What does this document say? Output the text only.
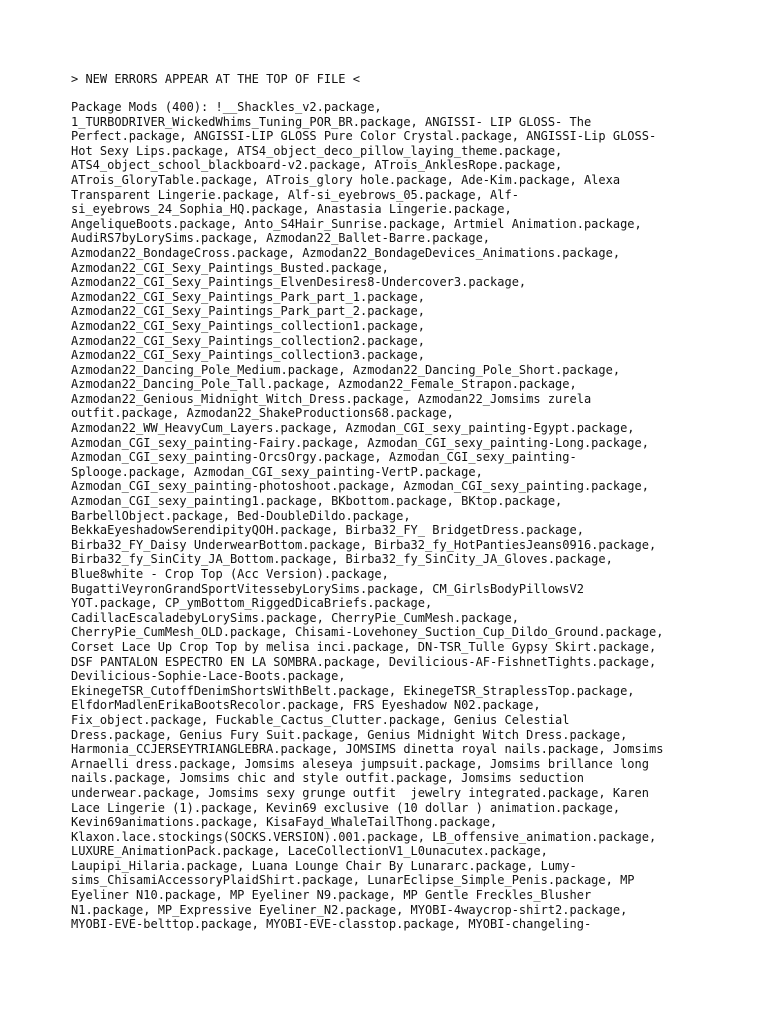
> NEW ERRORS APPEAR AT THE TOP OF FILE <
Package Mods (400): !__Shackles_v2.package,
1_TURBODRIVER_WickedWhims_Tuning_POR_BR.package, ANGISSI- LIP GLOSS- The
Perfect.package, ANGISSI-LIP GLOSS Pure Color Crystal.package, ANGISSI-Lip GLOSS-
Hot Sexy Lips.package, ATS4_object_deco_pillow_laying_theme.package,
ATS4_object_school_blackboard-v2.package, ATrois_AnklesRope.package,
ATrois_GloryTable.package, ATrois_glory hole.package, Ade-Kim.package, Alexa
Transparent Lingerie.package, Alf-si_eyebrows_05.package, Alf-
si_eyebrows_24_Sophia_HQ.package, Anastasia Lingerie.package,
AngeliqueBoots.package, Anto_S4Hair_Sunrise.package, Artmiel Animation.package,
AudiRS7byLorySims.package, Azmodan22_Ballet-Barre.package,
Azmodan22_BondageCross.package, Azmodan22_BondageDevices_Animations.package,
Azmodan22_CGI_Sexy_Paintings_Busted.package,
Azmodan22_CGI_Sexy_Paintings_ElvenDesires8-Undercover3.package,
Azmodan22_CGI_Sexy_Paintings_Park_part_1.package,
Azmodan22_CGI_Sexy_Paintings_Park_part_2.package,
Azmodan22_CGI_Sexy_Paintings_collection1.package,
Azmodan22_CGI_Sexy_Paintings_collection2.package,
Azmodan22_CGI_Sexy_Paintings_collection3.package,
Azmodan22_Dancing_Pole_Medium.package, Azmodan22_Dancing_Pole_Short.package,
Azmodan22_Dancing_Pole_Tall.package, Azmodan22_Female_Strapon.package,
Azmodan22_Genious_Midnight_Witch_Dress.package, Azmodan22_Jomsims zurela
outfit.package, Azmodan22_ShakeProductions68.package,
Azmodan22_WW_HeavyCum_Layers.package, Azmodan_CGI_sexy_painting-Egypt.package,
Azmodan_CGI_sexy_painting-Fairy.package, Azmodan_CGI_sexy_painting-Long.package,
Azmodan_CGI_sexy_painting-OrcsOrgy.package, Azmodan_CGI_sexy_painting-
Splooge.package, Azmodan_CGI_sexy_painting-VertP.package,
Azmodan_CGI_sexy_painting-photoshoot.package, Azmodan_CGI_sexy_painting.package,
Azmodan_CGI_sexy_painting1.package, BKbottom.package, BKtop.package,
BarbellObject.package, Bed-DoubleDildo.package,
BekkaEyeshadowSerendipityQOH.package, Birba32_FY_ BridgetDress.package,
Birba32_FY_Daisy UnderwearBottom.package, Birba32_fy_HotPantiesJeans0916.package,
Birba32_fy_SinCity_JA_Bottom.package, Birba32_fy_SinCity_JA_Gloves.package,
Blue8white - Crop Top (Acc Version).package,
BugattiVeyronGrandSportVitessebyLorySims.package, CM_GirlsBodyPillowsV2
YOT.package, CP_ymBottom_RiggedDicaBriefs.package,
CadillacEscaladebyLorySims.package, CherryPie_CumMesh.package,
CherryPie_CumMesh_OLD.package, Chisami-Lovehoney_Suction_Cup_Dildo_Ground.package,
Corset Lace Up Crop Top by melisa inci.package, DN-TSR_Tulle Gypsy Skirt.package,
DSF PANTALON ESPECTRO EN LA SOMBRA.package, Devilicious-AF-FishnetTights.package,
Devilicious-Sophie-Lace-Boots.package,
EkinegeTSR_CutoffDenimShortsWithBelt.package, EkinegeTSR_StraplessTop.package,
ElfdorMadlenErikaBootsRecolor.package, FRS Eyeshadow N02.package,
Fix_object.package, Fuckable_Cactus_Clutter.package, Genius Celestial
Dress.package, Genius Fury Suit.package, Genius Midnight Witch Dress.package,
Harmonia_CCJERSEYTRIANGLEBRA.package, JOMSIMS dinetta royal nails.package, Jomsims
Arnaelli dress.package, Jomsims aleseya jumpsuit.package, Jomsims brillance long
nails.package, Jomsims chic and style outfit.package, Jomsims seduction
underwear.package, Jomsims sexy grunge outfit  jewelry integrated.package, Karen
Lace Lingerie (1).package, Kevin69 exclusive (10 dollar ) animation.package,
Kevin69animations.package, KisaFayd_WhaleTailThong.package,
Klaxon.lace.stockings(SOCKS.VERSION).001.package, LB_offensive_animation.package,
LUXURE_AnimationPack.package, LaceCollectionV1_L0unacutex.package,
Laupipi_Hilaria.package, Luana Lounge Chair By Lunararc.package, Lumy-
sims_ChisamiAccessoryPlaidShirt.package, LunarEclipse_Simple_Penis.package, MP
Eyeliner N10.package, MP Eyeliner N9.package, MP Gentle Freckles_Blusher
N1.package, MP_Expressive Eyeliner_N2.package, MYOBI-4waycrop-shirt2.package,
MYOBI-EVE-belttop.package, MYOBI-EVE-classtop.package, MYOBI-changeling-
